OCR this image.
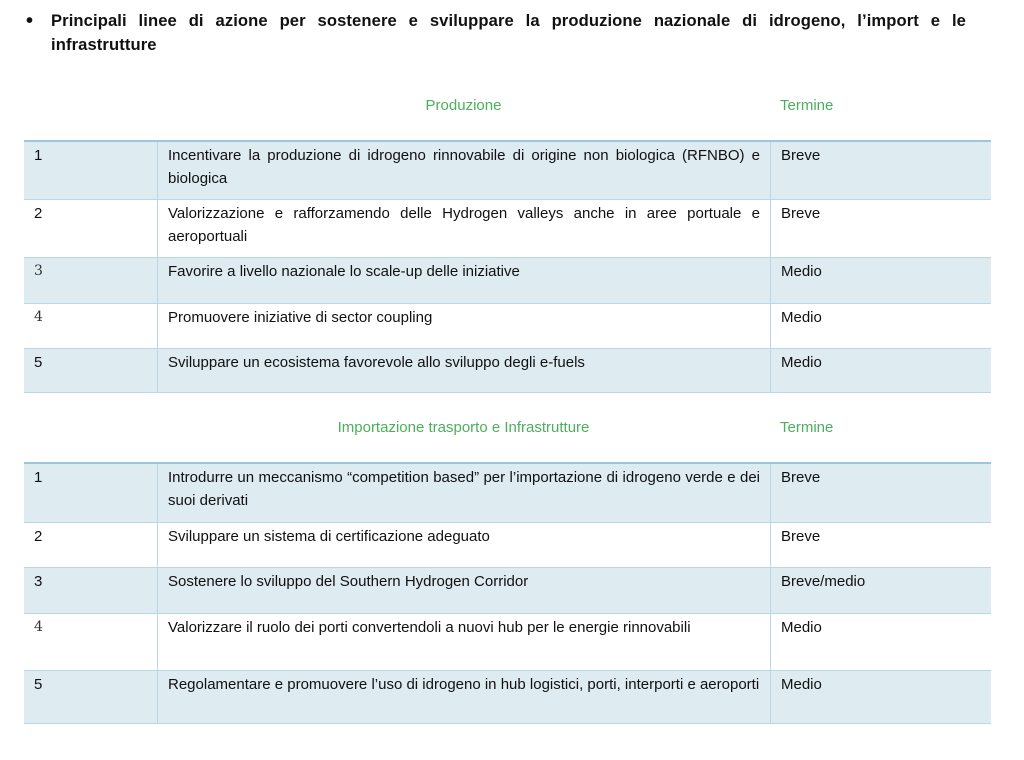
• Principali linee di azione per sostenere e sviluppare la produzione nazionale di idrogeno, l’import e le infrastrutture
Produzione	Termine
1	Incentivare la produzione di idrogeno rinnovabile di origine non biologica (RFNBO) e biologica	Breve
2	Valorizzazione e rafforzamendo delle Hydrogen valleys anche in aree portuale e aeroportuali	Breve
3	Favorire a livello nazionale lo scale-up delle iniziative	Medio
4	Promuovere iniziative di sector coupling	Medio
5	Sviluppare un ecosistema favorevole allo sviluppo degli e-fuels	Medio
Importazione trasporto e Infrastrutture	Termine
1	Introdurre un meccanismo “competition based” per l’importazione di idrogeno verde e dei suoi derivati	Breve
2	Sviluppare un sistema di certificazione adeguato	Breve
3	Sostenere lo sviluppo del Southern Hydrogen Corridor	Breve/medio
4	Valorizzare il ruolo dei porti convertendoli a nuovi hub per le energie rinnovabili	Medio
5	Regolamentare e promuovere l’uso di idrogeno in hub logistici, porti, interporti e aeroporti	Medio
